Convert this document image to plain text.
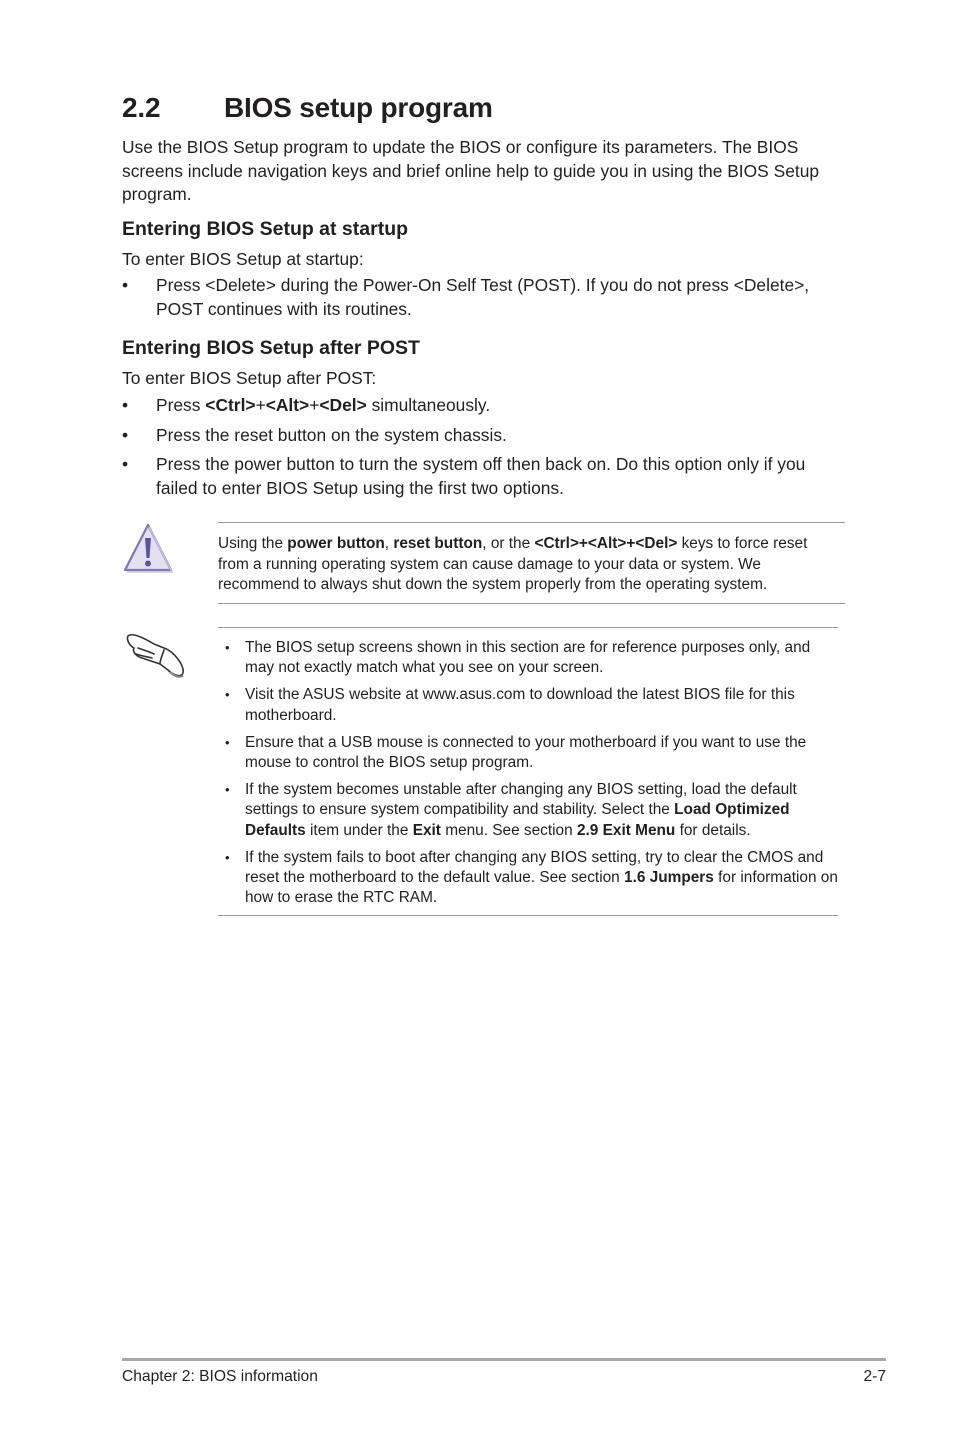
2.2 BIOS setup program

Use the BIOS Setup program to update the BIOS or configure its parameters. The BIOS screens include navigation keys and brief online help to guide you in using the BIOS Setup program.

Entering BIOS Setup at startup

To enter BIOS Setup at startup:

• Press <Delete> during the Power-On Self Test (POST). If you do not press <Delete>, POST continues with its routines.
Entering BIOS Setup after POST

To enter BIOS Setup after POST:

• Press <Ctrl>+<Alt>+<Del> simultaneously.
• Press the reset button on the system chassis.
• Press the power button to turn the system off then back on. Do this option only if you failed to enter BIOS Setup using the first two options.

Using the power button, reset button, or the <Ctrl>+<Alt>+<Del> keys to force reset from a running operating system can cause damage to your data or system. We recommend to always shut down the system properly from the operating system.

• The BIOS setup screens shown in this section are for reference purposes only, and may not exactly match what you see on your screen.
• Visit the ASUS website at www.asus.com to download the latest BIOS file for this motherboard.
• Ensure that a USB mouse is connected to your motherboard if you want to use the mouse to control the BIOS setup program.
• If the system becomes unstable after changing any BIOS setting, load the default settings to ensure system compatibility and stability. Select the Load Optimized Defaults item under the Exit menu. See section 2.9 Exit Menu for details.
• If the system fails to boot after changing any BIOS setting, try to clear the CMOS and reset the motherboard to the default value. See section 1.6 Jumpers for information on how to erase the RTC RAM.
Chapter 2: BIOS information	2-7
